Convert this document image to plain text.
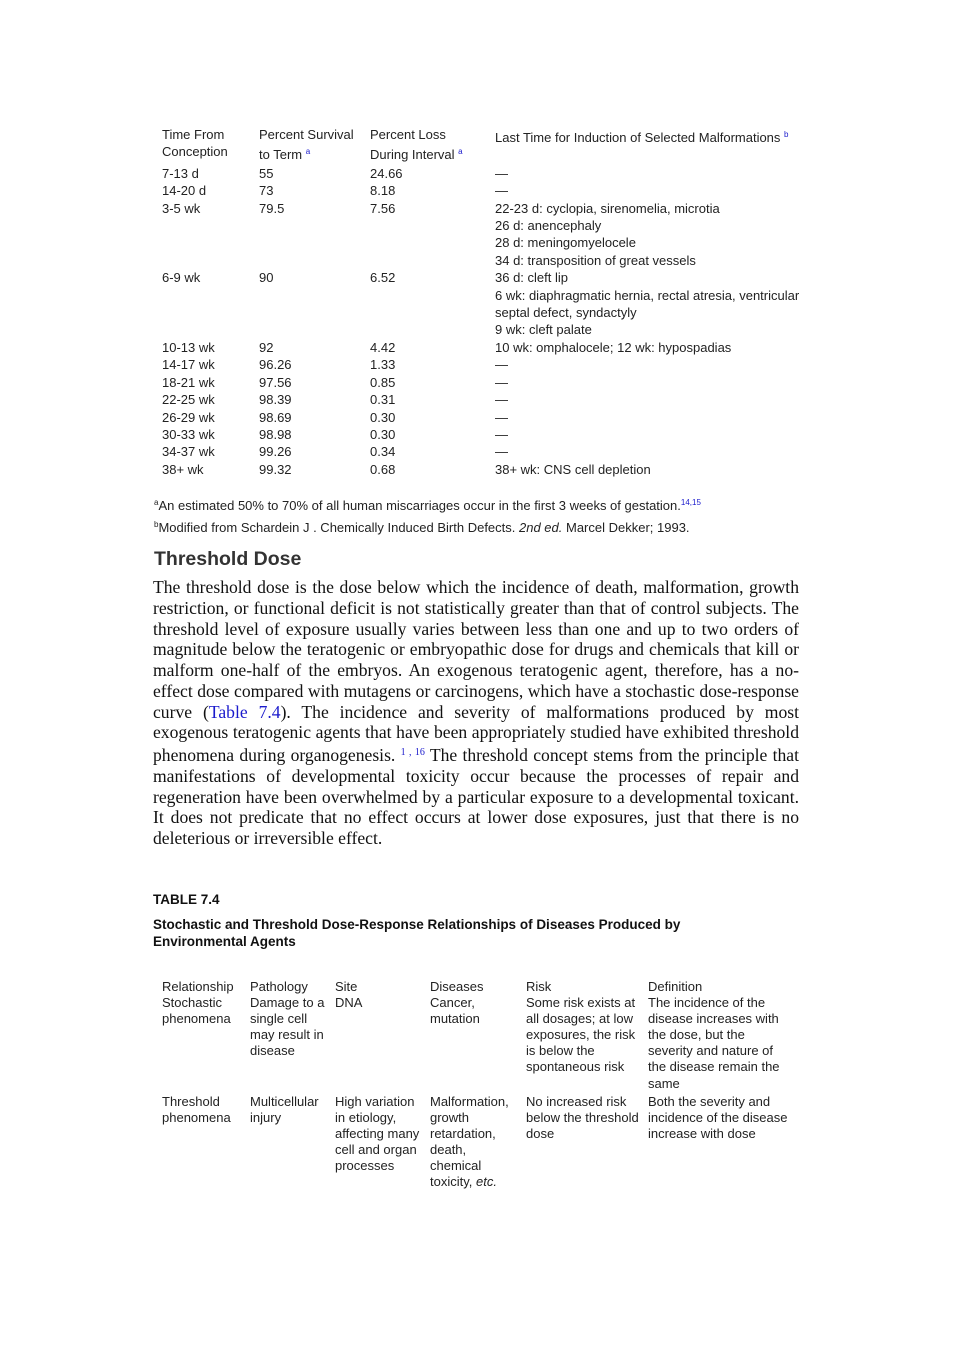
Time From Conception	Percent Survival to Term $^a$	Percent Loss During Interval $^a$	Last Time for Induction of Selected Malformations $^b$
7-13 d	55	24.66	—

14-20 d	73	8.18	—

3-5 wk	79.5	7.56	22-23 d: cyclopia, sirenomelia, microtia
26 d: anencephaly
28 d: meningomyelocele
34 d: transposition of great vessels

6-9 wk	90	6.52	36 d: cleft lip
6 wk: diaphragmatic hernia, rectal atresia, ventricular septal defect, syndactyly
9 wk: cleft palate

10-13 wk	92	4.42	10 wk: omphalocele; 12 wk: hypospadias

14-17 wk	96.26	1.33	—

18-21 wk	97.56	0.85	—

22-25 wk	98.39	0.31	—

26-29 wk	98.69	0.30	—

30-33 wk	98.98	0.30	—

34-37 wk	99.26	0.34	—

38+ wk	99.32	0.68	38+ wk: CNS cell depletion
$^a$An estimated 50% to 70% of all human miscarriages occur in the first 3 weeks of gestation.$^{14,15}$
$^b$Modified from Schardein J . Chemically Induced Birth Defects. 2nd ed. Marcel Dekker; 1993.
Threshold Dose

The threshold dose is the dose below which the incidence of death, malformation, growth restriction, or functional deficit is not statistically greater than that of control subjects. The threshold level of exposure usually varies between less than one and up to two orders of magnitude below the teratogenic or embryopathic dose for drugs and chemicals that kill or malform one-half of the embryos. An exogenous teratogenic agent, therefore, has a no-effect dose compared with mutagens or carcinogens, which have a stochastic dose-response curve (Table 7.4). The incidence and severity of malformations produced by most exogenous teratogenic agents that have been appropriately studied have exhibited threshold phenomena during organogenesis. $^{1 , 16}$ The threshold concept stems from the principle that manifestations of developmental toxicity occur because the processes of repair and regeneration have been overwhelmed by a particular exposure to a developmental toxicant. It does not predicate that no effect occurs at lower dose exposures, just that there is no deleterious or irreversible effect.

TABLE 7.4

Stochastic and Threshold Dose-Response Relationships of Diseases Produced by Environmental Agents

Relationship	Pathology	Site	Diseases	Risk	Definition
Stochastic phenomena	Damage to a single cell may result in disease	DNA	Cancer, mutation	Some risk exists at all dosages; at low exposures, the risk is below the spontaneous risk	The incidence of the disease increases with the dose, but the severity and nature of the disease remain the same
Threshold phenomena	Multicellular injury	High variation in etiology, affecting many cell and organ processes	Malformation, growth retardation, death, chemical toxicity, etc.	No increased risk below the threshold dose	Both the severity and incidence of the disease increase with dose
